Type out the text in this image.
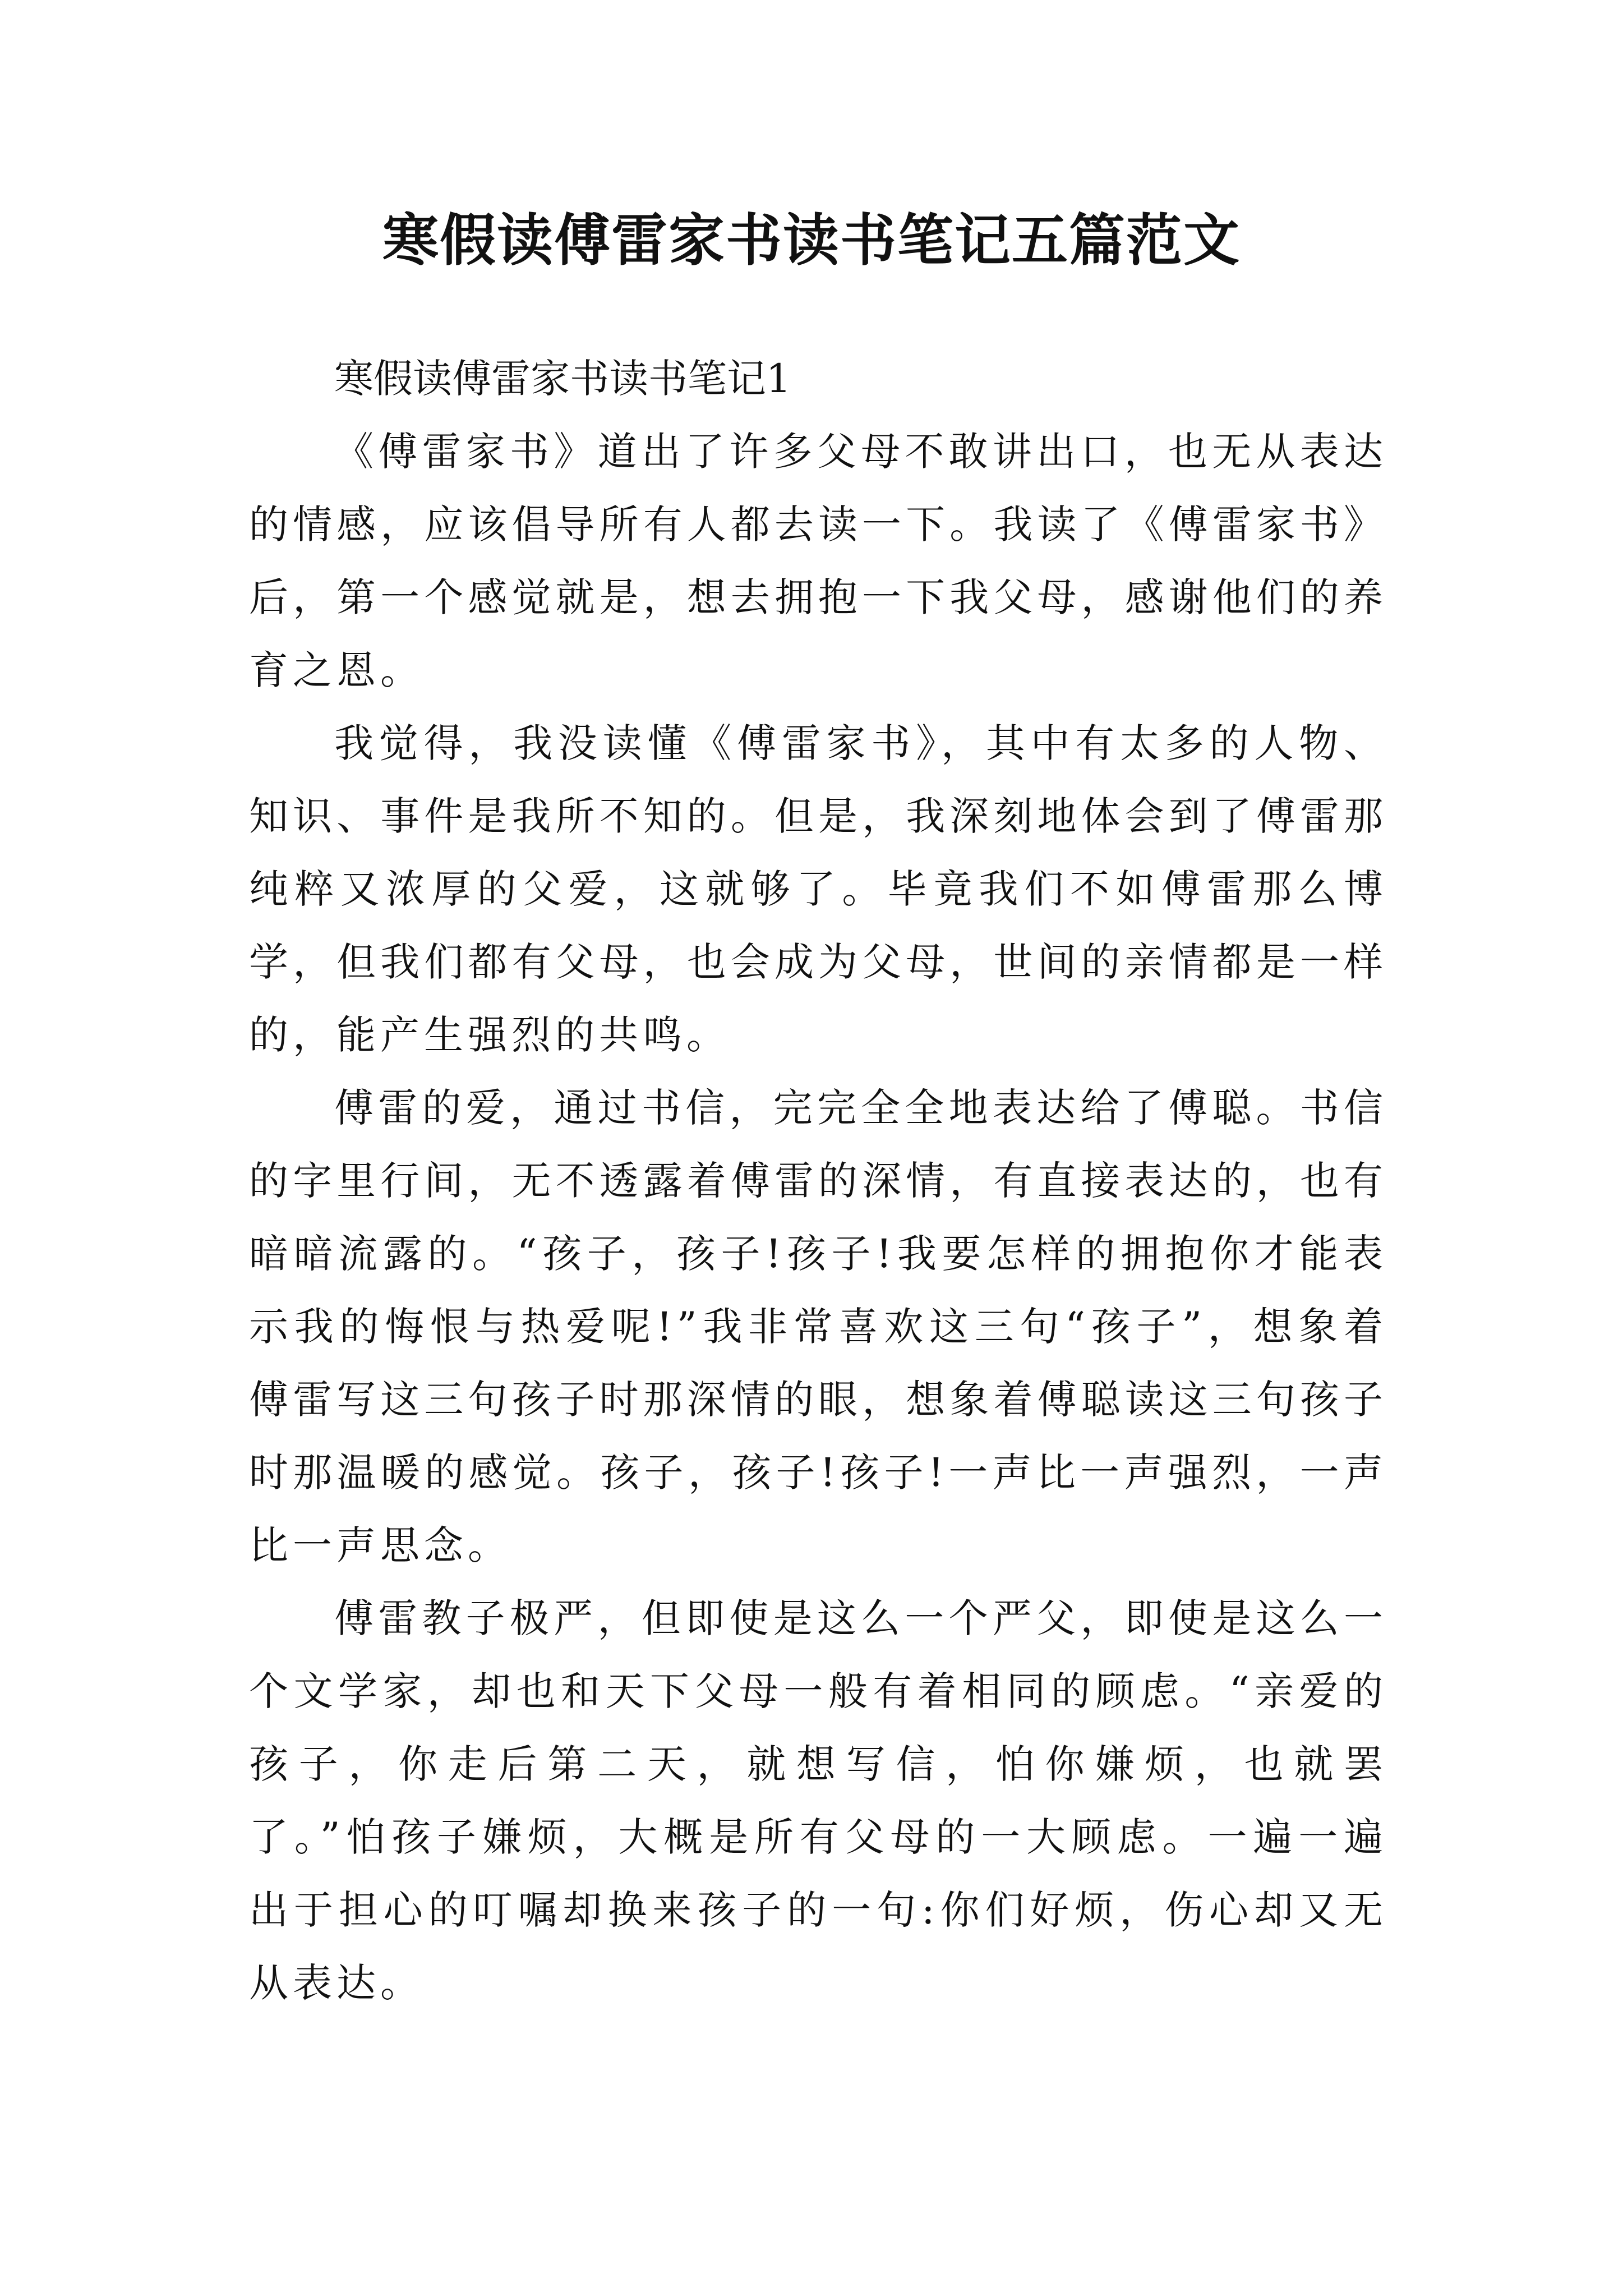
寒假读傅雷家书读书笔记五篇范文
寒假读傅雷家书读书笔记1

《傅雷家书》道出了许多父母不敢讲出口，也无从表达的情感，应该倡导所有人都去读一下。我读了《傅雷家书》后，第一个感觉就是，想去拥抱一下我父母，感谢他们的养育之恩。

我觉得，我没读懂《傅雷家书》，其中有太多的人物、知识、事件是我所不知的。但是，我深刻地体会到了傅雷那纯粹又浓厚的父爱，这就够了。毕竟我们不如傅雷那么博学，但我们都有父母，也会成为父母，世间的亲情都是一样的，能产生强烈的共鸣。

傅雷的爱，通过书信，完完全全地表达给了傅聪。书信的字里行间，无不透露着傅雷的深情，有直接表达的，也有暗暗流露的。“孩子，孩子!孩子!我要怎样的拥抱你才能表示我的悔恨与热爱呢!”我非常喜欢这三句“孩子”，想象着傅雷写这三句孩子时那深情的眼，想象着傅聪读这三句孩子时那温暖的感觉。孩子，孩子!孩子!一声比一声强烈，一声比一声思念。

傅雷教子极严，但即使是这么一个严父，即使是这么一个文学家，却也和天下父母一般有着相同的顾虑。“亲爱的孩子，你走后第二天，就想写信，怕你嫌烦，也就罢了。”怕孩子嫌烦，大概是所有父母的一大顾虑。一遍一遍出于担心的叮嘱却换来孩子的一句:你们好烦，伤心却又无从表达。
